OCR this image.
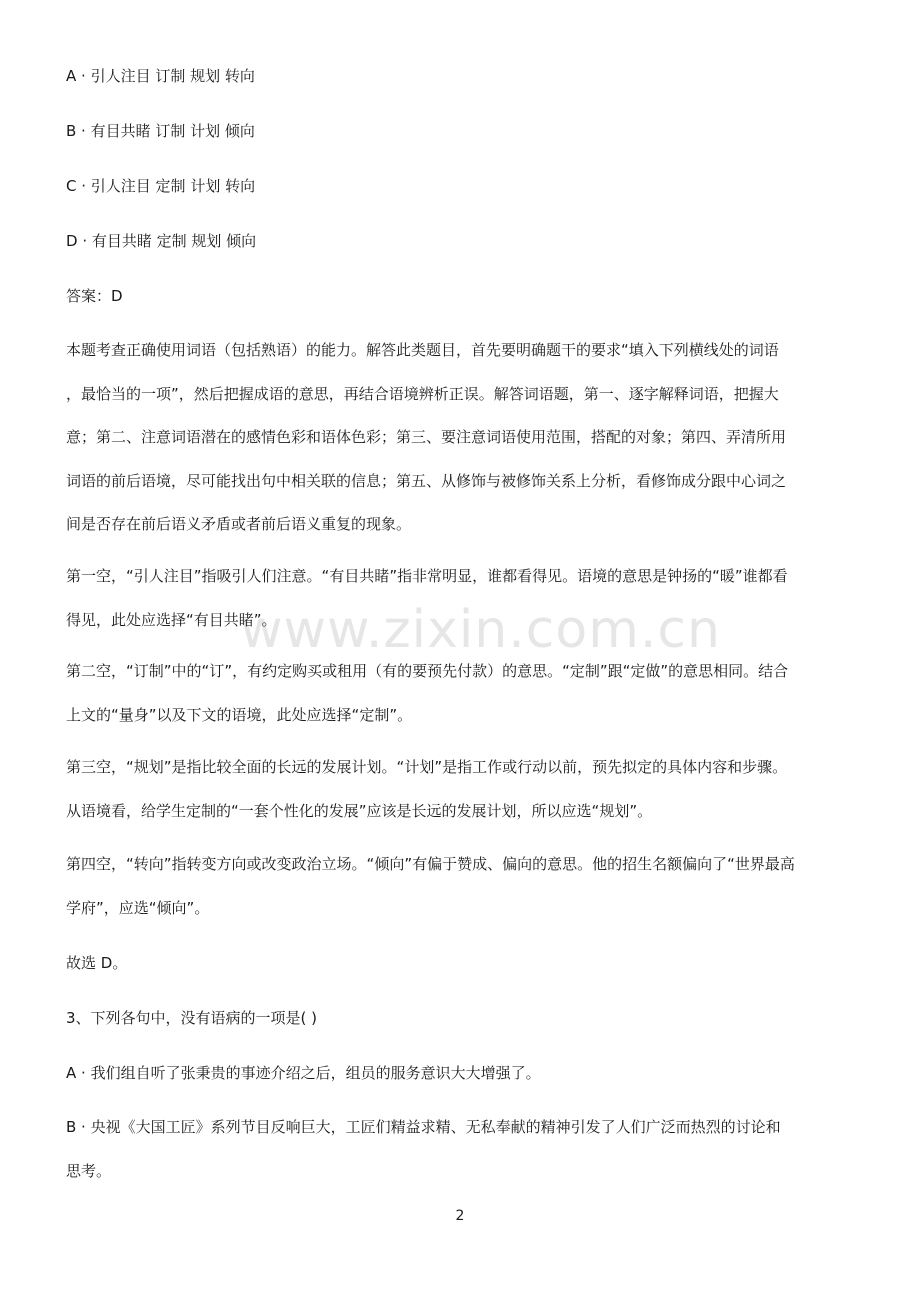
www.zixin.com.cn
A · 引人注目 订制 规划 转向
B · 有目共睹 订制 计划 倾向
C · 引人注目 定制 计划 转向
D · 有目共睹 定制 规划 倾向
答案：D
本题考查正确使用词语（包括熟语）的能力。解答此类题目，首先要明确题干的要求“填入下列横线处的词语
，最恰当的一项”，然后把握成语的意思，再结合语境辨析正误。解答词语题，第一、逐字解释词语，把握大
意；第二、注意词语潜在的感情色彩和语体色彩；第三、要注意词语使用范围，搭配的对象；第四、弄清所用
词语的前后语境，尽可能找出句中相关联的信息；第五、从修饰与被修饰关系上分析，看修饰成分跟中心词之
间是否存在前后语义矛盾或者前后语义重复的现象。
第一空，“引人注目”指吸引人们注意。“有目共睹”指非常明显，谁都看得见。语境的意思是钟扬的“暖”谁都看
得见，此处应选择“有目共睹”。
第二空，“订制”中的“订”，有约定购买或租用（有的要预先付款）的意思。“定制”跟“定做”的意思相同。结合
上文的“量身”以及下文的语境，此处应选择“定制”。
第三空，“规划”是指比较全面的长远的发展计划。“计划”是指工作或行动以前，预先拟定的具体内容和步骤。
从语境看，给学生定制的“一套个性化的发展”应该是长远的发展计划，所以应选“规划”。
第四空，“转向”指转变方向或改变政治立场。“倾向”有偏于赞成、偏向的意思。他的招生名额偏向了“世界最高
学府”，应选“倾向”。
故选 D。
3、下列各句中，没有语病的一项是( )
A · 我们组自听了张秉贵的事迹介绍之后，组员的服务意识大大增强了。
B · 央视《大国工匠》系列节目反响巨大，工匠们精益求精、无私奉献的精神引发了人们广泛而热烈的讨论和
思考。
2
